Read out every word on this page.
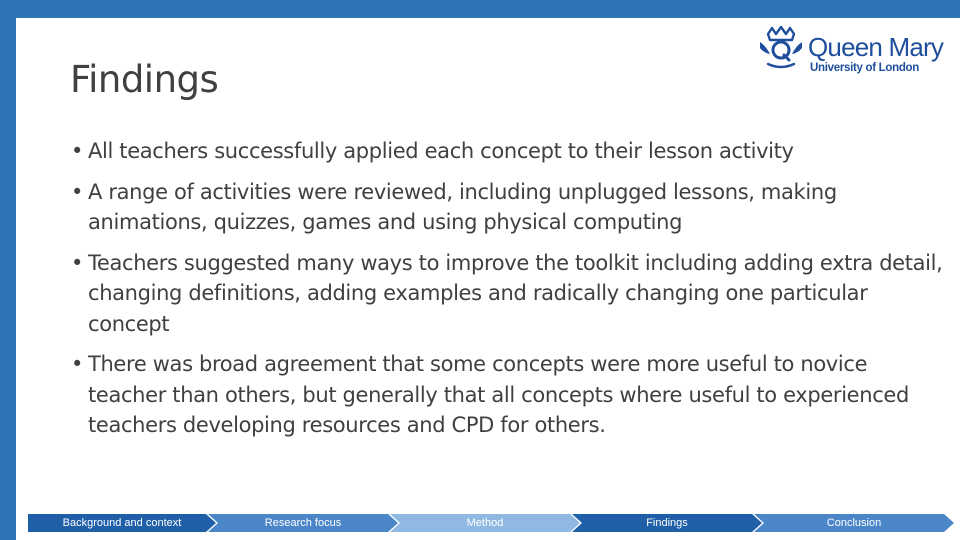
Findings
Queen Mary
University of London
• All teachers successfully applied each concept to their lesson activity
• A range of activities were reviewed, including unplugged lessons, making animations, quizzes, games and using physical computing
• Teachers suggested many ways to improve the toolkit including adding extra detail, changing definitions, adding examples and radically changing one particular concept
• There was broad agreement that some concepts were more useful to novice teacher than others, but generally that all concepts where useful to experienced teachers developing resources and CPD for others.
Background and context	Research focus	Method	Findings	Conclusion
